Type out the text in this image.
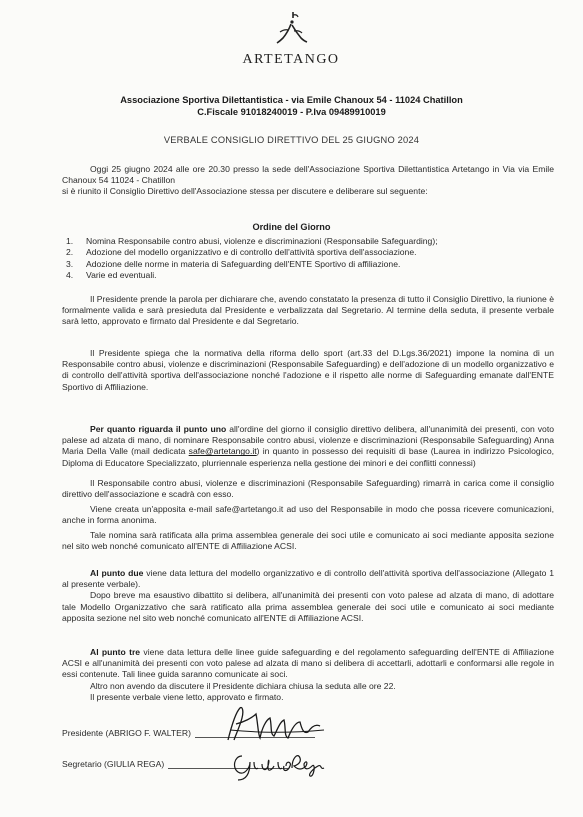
ARTETANGO
Associazione Sportiva Dilettantistica - via Emile Chanoux 54 - 11024 Chatillon
C.Fiscale 91018240019 - P.Iva 09489910019
VERBALE CONSIGLIO DIRETTIVO DEL 25 GIUGNO 2024

Oggi 25 giugno 2024 alle ore 20.30 presso la sede dell'Associazione Sportiva Dilettantistica Artetango in Via via Emile Chanoux 54 11024 - Chatillon

si è riunito il Consiglio Direttivo dell'Associazione stessa per discutere e deliberare sul seguente:

Ordine del Giorno
1.	Nomina Responsabile contro abusi, violenze e discriminazioni (Responsabile Safeguarding);
2.	Adozione del modello organizzativo e di controllo dell'attività sportiva dell'associazione.
3.	Adozione delle norme in materia di Safeguarding dell'ENTE Sportivo di affiliazione.
4.	Varie ed eventuali.

Il Presidente prende la parola per dichiarare che, avendo constatato la presenza di tutto il Consiglio Direttivo, la riunione è formalmente valida e sarà presieduta dal Presidente e verbalizzata dal Segretario. Al termine della seduta, il presente verbale sarà letto, approvato e firmato dal Presidente e dal Segretario.

Il Presidente spiega che la normativa della riforma dello sport (art.33 del D.Lgs.36/2021) impone la nomina di un Responsabile contro abusi, violenze e discriminazioni (Responsabile Safeguarding) e dell'adozione di un modello organizzativo e di controllo dell'attività sportiva dell'associazione nonché l'adozione e il rispetto alle norme di Safeguarding emanate dall'ENTE Sportivo di Affiliazione.

Per quanto riguarda il punto uno all'ordine del giorno il consiglio direttivo delibera, all'unanimità dei presenti, con voto palese ad alzata di mano, di nominare Responsabile contro abusi, violenze e discriminazioni (Responsabile Safeguarding) Anna Maria Della Valle (mail dedicata safe@artetango.it) in quanto in possesso dei requisiti di base (Laurea in indirizzo Psicologico, Diploma di Educatore Specializzato, plurriennale esperienza nella gestione dei minori e dei conflitti connessi)

Il Responsabile contro abusi, violenze e discriminazioni (Responsabile Safeguarding) rimarrà in carica come il consiglio direttivo dell'associazione e scadrà con esso.

Viene creata un'apposita e-mail safe@artetango.it ad uso del Responsabile in modo che possa ricevere comunicazioni, anche in forma anonima.

Tale nomina sarà ratificata alla prima assemblea generale dei soci utile e comunicato ai soci mediante apposita sezione nel sito web nonché comunicato all'ENTE di Affiliazione ACSI.

Al punto due viene data lettura del modello organizzativo e di controllo dell'attività sportiva dell'associazione (Allegato 1 al presente verbale).

Dopo breve ma esaustivo dibattito si delibera, all'unanimità dei presenti con voto palese ad alzata di mano, di adottare tale Modello Organizzativo che sarà ratificato alla prima assemblea generale dei soci utile e comunicato ai soci mediante apposita sezione nel sito web nonché comunicato all'ENTE di Affiliazione ACSI.

Al punto tre viene data lettura delle linee guide safeguarding e del regolamento safeguarding dell'ENTE di Affiliazione ACSI e all'unanimità dei presenti con voto palese ad alzata di mano si delibera di accettarli, adottarli e conformarsi alle regole in essi contenute. Tali linee guida saranno comunicate ai soci.

Altro non avendo da discutere il Presidente dichiara chiusa la seduta alle ore 22.

Il presente verbale viene letto, approvato e firmato.

Presidente (ABRIGO F. WALTER)
Segretario (GIULIA REGA)
